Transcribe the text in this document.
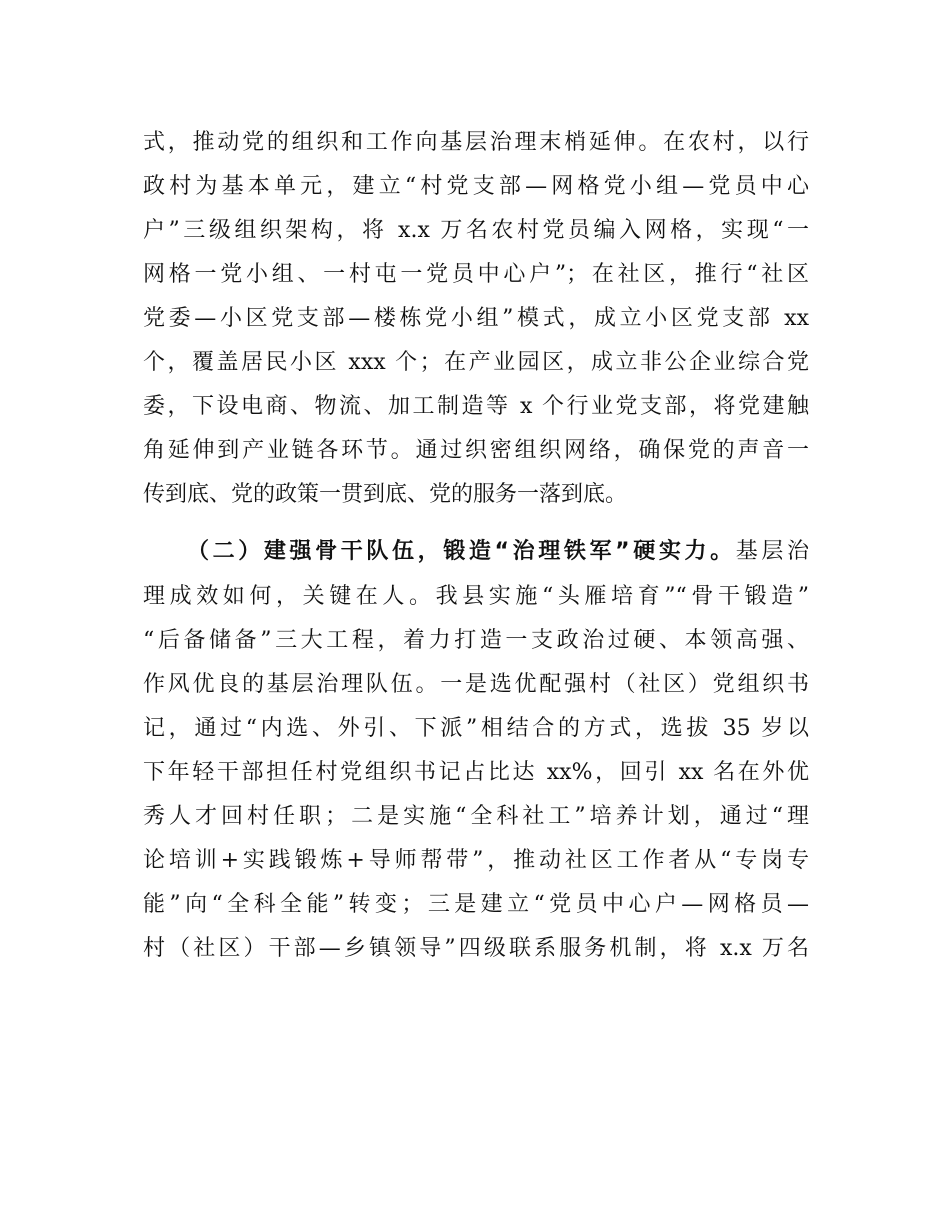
式，推动党的组织和工作向基层治理末梢延伸。在农村，以行
政村为基本单元，建立“村党支部—网格党小组—党员中心
户”三级组织架构，将 x.x 万名农村党员编入网格，实现“一
网格一党小组、一村屯一党员中心户”；在社区，推行“社区
党委—小区党支部—楼栋党小组”模式，成立小区党支部 xx
个，覆盖居民小区 xxx 个；在产业园区，成立非公企业综合党
委，下设电商、物流、加工制造等 x 个行业党支部，将党建触
角延伸到产业链各环节。通过织密组织网络，确保党的声音一
传到底、党的政策一贯到底、党的服务一落到底。
（二）建强骨干队伍，锻造“治理铁军”硬实力。基层治
理成效如何，关键在人。我县实施“头雁培育”“骨干锻造”
“后备储备”三大工程，着力打造一支政治过硬、本领高强、
作风优良的基层治理队伍。一是选优配强村（社区）党组织书
记，通过“内选、外引、下派”相结合的方式，选拔 35 岁以
下年轻干部担任村党组织书记占比达 xx%，回引 xx 名在外优
秀人才回村任职；二是实施“全科社工”培养计划，通过“理
论培训+实践锻炼+导师帮带”，推动社区工作者从“专岗专
能”向“全科全能”转变；三是建立“党员中心户—网格员—
村（社区）干部—乡镇领导”四级联系服务机制，将 x.x 万名
